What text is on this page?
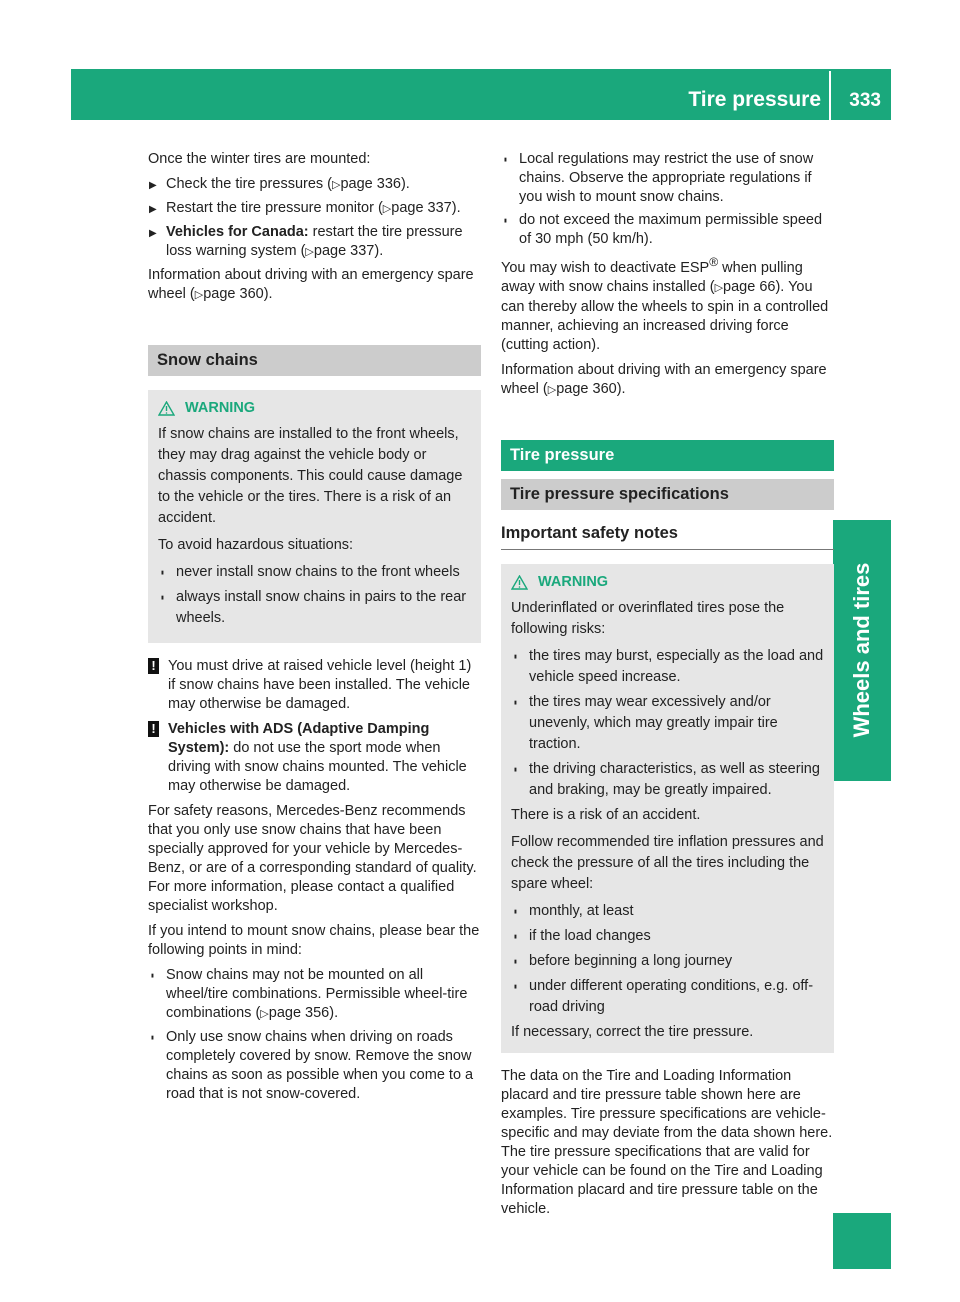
Tire pressure 333
Wheels and tires

Once the winter tires are mounted:

▶ Check the tire pressures (▷page 336).
▶ Restart the tire pressure monitor (▷page 337).
▶ Vehicles for Canada: restart the tire pressure loss warning system (▷page 337).

Information about driving with an emergency spare wheel (▷page 360).

Snow chains
WARNING

If snow chains are installed to the front wheels, they may drag against the vehicle body or chassis components. This could cause damage to the vehicle or the tires. There is a risk of an accident.

To avoid hazardous situations:

■ never install snow chains to the front wheels
■ always install snow chains in pairs to the rear wheels.
! You must drive at raised vehicle level (height 1) if snow chains have been installed. The vehicle may otherwise be damaged.
! Vehicles with ADS (Adaptive Damping System): do not use the sport mode when driving with snow chains mounted. The vehicle may otherwise be damaged.

For safety reasons, Mercedes-Benz recommends that you only use snow chains that have been specially approved for your vehicle by Mercedes-Benz, or are of a corresponding standard of quality. For more information, please contact a qualified specialist workshop.

If you intend to mount snow chains, please bear the following points in mind:

■ Snow chains may not be mounted on all wheel/tire combinations. Permissible wheel-tire combinations (▷page 356).
■ Only use snow chains when driving on roads completely covered by snow. Remove the snow chains as soon as possible when you come to a road that is not snow-covered.
■ Local regulations may restrict the use of snow chains. Observe the appropriate regulations if you wish to mount snow chains.
■ do not exceed the maximum permissible speed of 30 mph (50 km/h).

You may wish to deactivate ESP® when pulling away with snow chains installed (▷page 66). You can thereby allow the wheels to spin in a controlled manner, achieving an increased driving force (cutting action).

Information about driving with an emergency spare wheel (▷page 360).

Tire pressure
Tire pressure specifications
Important safety notes
WARNING

Underinflated or overinflated tires pose the following risks:

■ the tires may burst, especially as the load and vehicle speed increase.
■ the tires may wear excessively and/or unevenly, which may greatly impair tire traction.
■ the driving characteristics, as well as steering and braking, may be greatly impaired.

There is a risk of an accident.

Follow recommended tire inflation pressures and check the pressure of all the tires including the spare wheel:

■ monthly, at least
■ if the load changes
■ before beginning a long journey
■ under different operating conditions, e.g. off-road driving

If necessary, correct the tire pressure.

The data on the Tire and Loading Information placard and tire pressure table shown here are examples. Tire pressure specifications are vehicle-specific and may deviate from the data shown here. The tire pressure specifications that are valid for your vehicle can be found on the Tire and Loading Information placard and tire pressure table on the vehicle.
